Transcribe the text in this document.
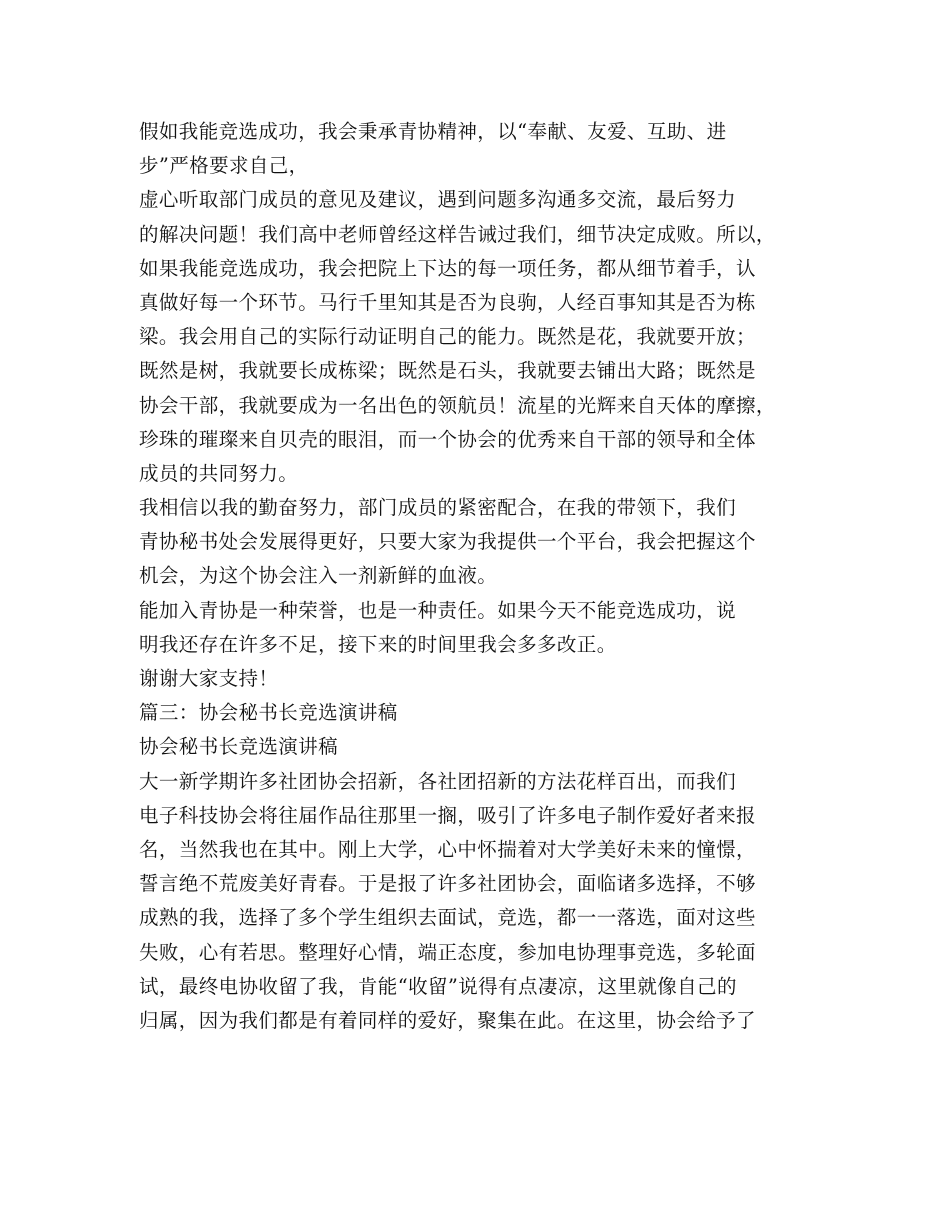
假如我能竞选成功，我会秉承青协精神，以“奉献、友爱、互助、进
步”严格要求自己，
虚心听取部门成员的意见及建议，遇到问题多沟通多交流，最后努力
的解决问题！我们高中老师曾经这样告诫过我们，细节决定成败。所以，
如果我能竞选成功，我会把院上下达的每一项任务，都从细节着手，认
真做好每一个环节。马行千里知其是否为良驹，人经百事知其是否为栋
梁。我会用自己的实际行动证明自己的能力。既然是花，我就要开放；
既然是树，我就要长成栋梁；既然是石头，我就要去铺出大路；既然是
协会干部，我就要成为一名出色的领航员！流星的光辉来自天体的摩擦，
珍珠的璀璨来自贝壳的眼泪，而一个协会的优秀来自干部的领导和全体
成员的共同努力。
我相信以我的勤奋努力，部门成员的紧密配合，在我的带领下，我们
青协秘书处会发展得更好，只要大家为我提供一个平台，我会把握这个
机会，为这个协会注入一剂新鲜的血液。
能加入青协是一种荣誉，也是一种责任。如果今天不能竞选成功，说
明我还存在许多不足，接下来的时间里我会多多改正。
谢谢大家支持！
篇三：协会秘书长竞选演讲稿
协会秘书长竞选演讲稿
大一新学期许多社团协会招新，各社团招新的方法花样百出，而我们
电子科技协会将往届作品往那里一搁，吸引了许多电子制作爱好者来报
名，当然我也在其中。刚上大学，心中怀揣着对大学美好未来的憧憬，
誓言绝不荒废美好青春。于是报了许多社团协会，面临诸多选择，不够
成熟的我，选择了多个学生组织去面试，竞选，都一一落选，面对这些
失败，心有若思。整理好心情，端正态度，参加电协理事竞选，多轮面
试，最终电协收留了我，肯能“收留”说得有点凄凉，这里就像自己的
归属，因为我们都是有着同样的爱好，聚集在此。在这里，协会给予了
